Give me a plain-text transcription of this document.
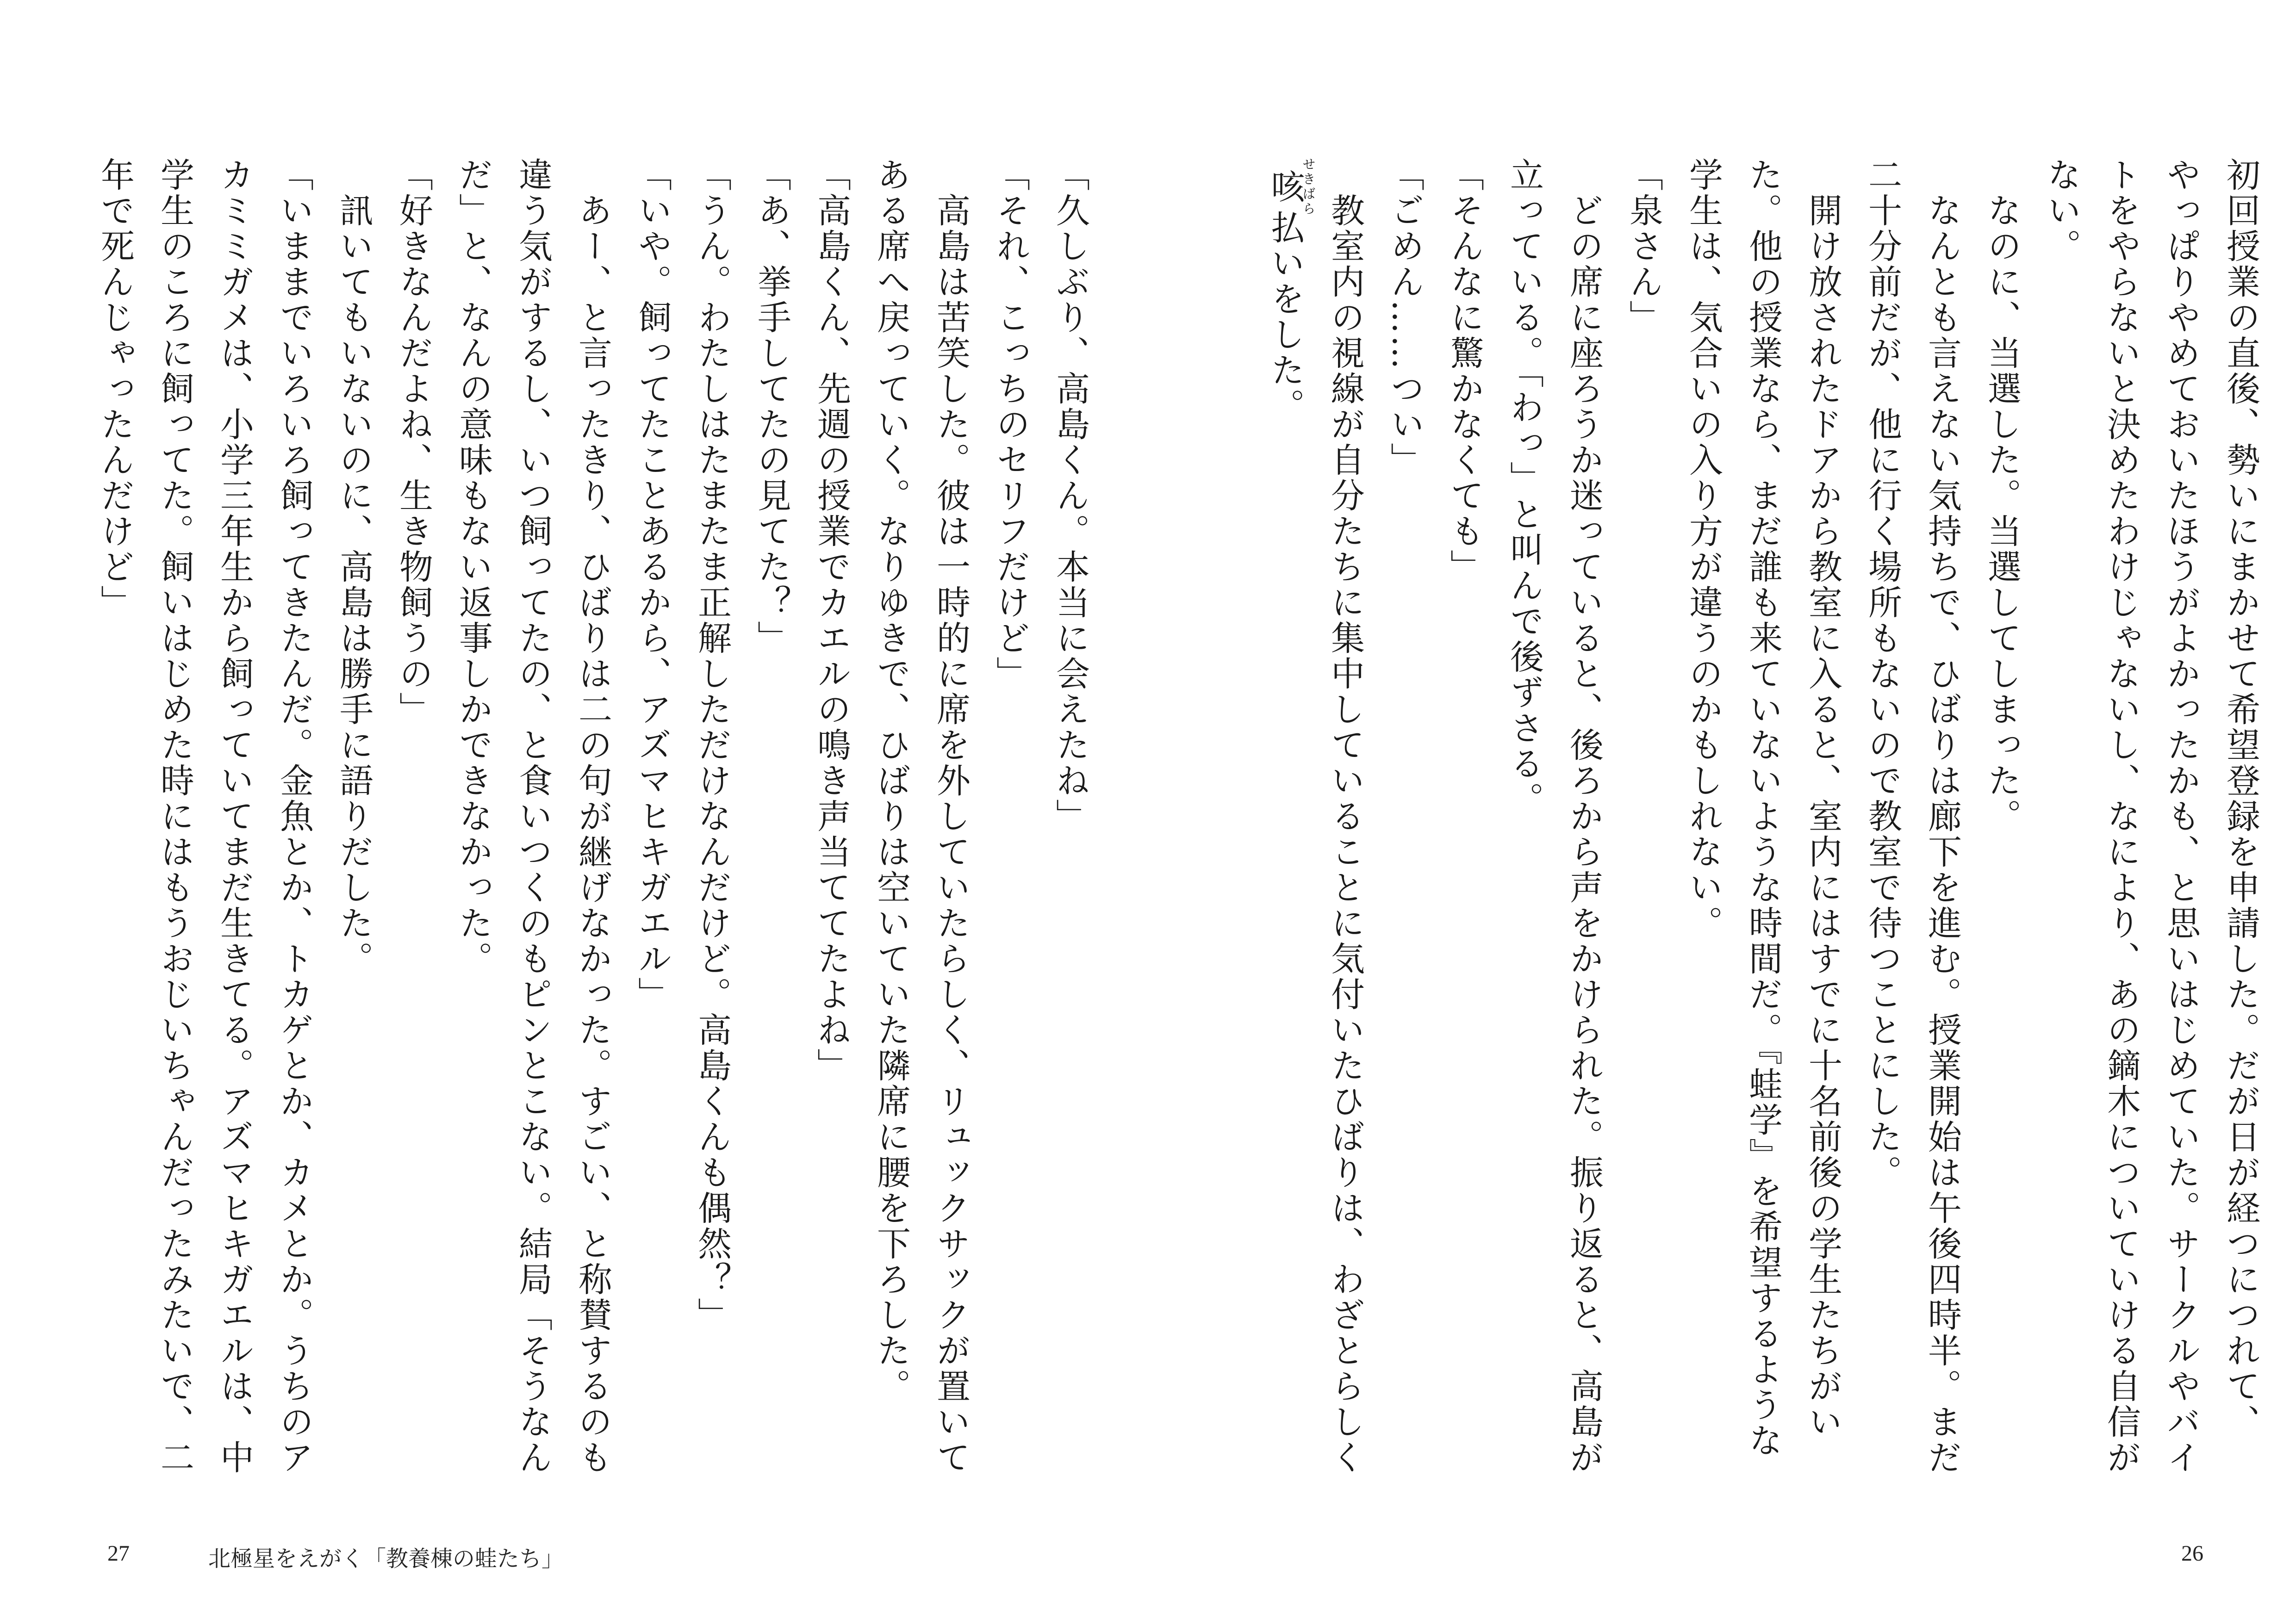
初回授業の直後、勢いにまかせて希望登録を申請した。だが日が経つにつれて、

やっぱりやめておいたほうがよかったかも、と思いはじめていた。サークルやバイ

トをやらないと決めたわけじゃないし、なにより、あの鏑木についていける自信が

ない。

　なのに、当選した。当選してしまった。

　なんとも言えない気持ちで、ひばりは廊下を進む。授業開始は午後四時半。まだ

二十分前だが、他に行く場所もないので教室で待つことにした。

　開け放されたドアから教室に入ると、室内にはすでに十名前後の学生たちがい

た。他の授業なら、まだ誰も来ていないような時間だ。『蛙学』を希望するような

学生は、気合いの入り方が違うのかもしれない。

「泉さん」

　どの席に座ろうか迷っていると、後ろから声をかけられた。振り返ると、高島が

立っている。「わっ」と叫んで後ずさる。

「そんなに驚かなくても」

「ごめん……つい」

　教室内の視線が自分たちに集中していることに気付いたひばりは、わざとらしく

咳せきばら払いをした。

26

「久しぶり、高島くん。本当に会えたね」

「それ、こっちのセリフだけど」

　高島は苦笑した。彼は一時的に席を外していたらしく、リュックサックが置いて

ある席へ戻っていく。なりゆきで、ひばりは空いていた隣席に腰を下ろした。

「高島くん、先週の授業でカエルの鳴き声当ててたよね」

「あ、挙手してたの見てた？」

「うん。わたしはたまたま正解しただけなんだけど。高島くんも偶然？」

「いや。飼ってたことあるから、アズマヒキガエル」

　あー、と言ったきり、ひばりは二の句が継げなかった。すごい、と称賛するのも

違う気がするし、いつ飼ってたの、と食いつくのもピンとこない。結局「そうなん

だ」と、なんの意味もない返事しかできなかった。

「好きなんだよね、生き物飼うの」

　訊いてもいないのに、高島は勝手に語りだした。

「いままでいろいろ飼ってきたんだ。金魚とか、トカゲとか、カメとか。うちのア

カミミガメは、小学三年生から飼っていてまだ生きてる。アズマヒキガエルは、中

学生のころに飼ってた。飼いはじめた時にはもうおじいちゃんだったみたいで、二

年で死んじゃったんだけど」

27	北極星をえがく「教養棟の蛙たち」
